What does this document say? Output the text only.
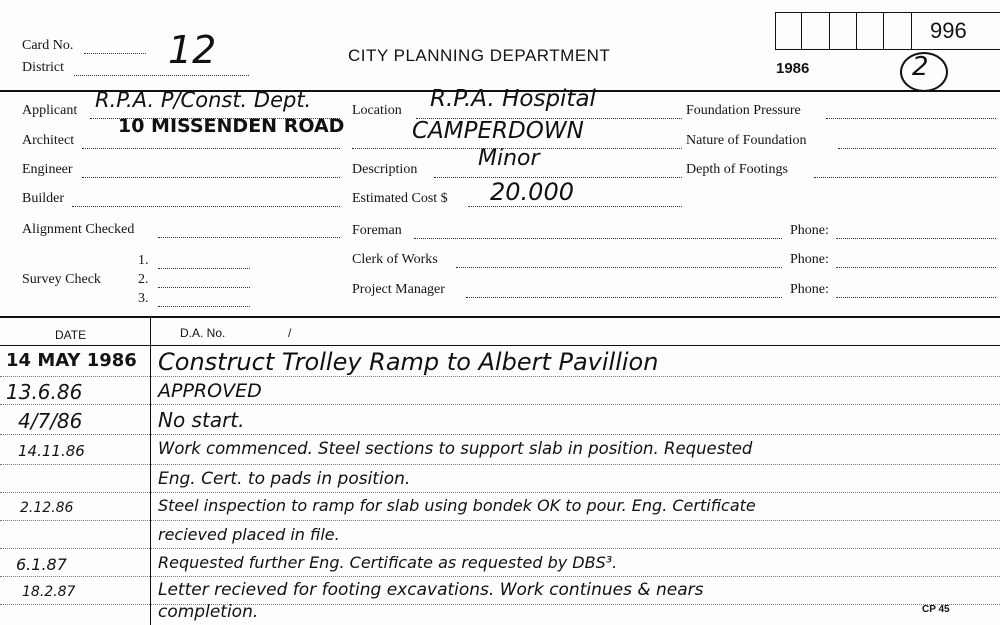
Card No.
District	12	CITY PLANNING DEPARTMENT
1986
996
2
Applicant R.P.A. P/Const. Dept.
Architect
10 MISSENDEN ROAD
Engineer
Builder
Alignment Checked
Survey Check
1.
2.
3.
Location R.P.A. Hospital
CAMPERDOWN
Description	Minor
Estimated Cost $ 20.000
Foreman
Clerk of Works
Project Manager
Foundation Pressure
Nature of Foundation
Depth of Footings
Phone:
Phone:
Phone:
DATE	D.A. No.	/
14 MAY 1986 Construct Trolley Ramp to Albert Pavillion
13.6.86	APPROVED
4/7/86	No start.
14.11.86	Work commenced. Steel sections to support slab in position. Requested
Eng. Cert. to pads in position.
2.12.86	Steel inspection to ramp for slab using bondek OK to pour. Eng. Certificate
recieved placed in file.
6.1.87	Requested further Eng. Certificate as requested by DBS³.
18.2.87	Letter recieved for footing excavations. Work continues & nears
completion.	CP 45
